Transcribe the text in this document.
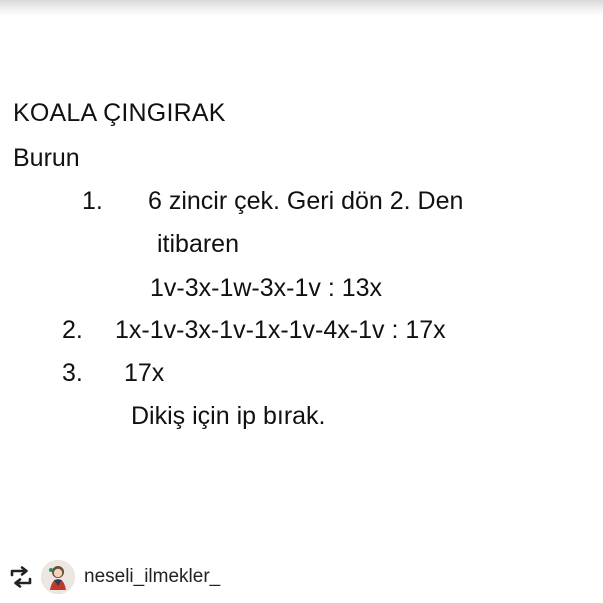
KOALA ÇINGIRAK
Burun
1. 6 zincir çek. Geri dön 2. Den
itibaren
1v-3x-1w-3x-1v : 13x
2. 1x-1v-3x-1v-1x-1v-4x-1v : 17x
3. 17x
Dikiş için ip bırak.
neseli_ilmekler_
